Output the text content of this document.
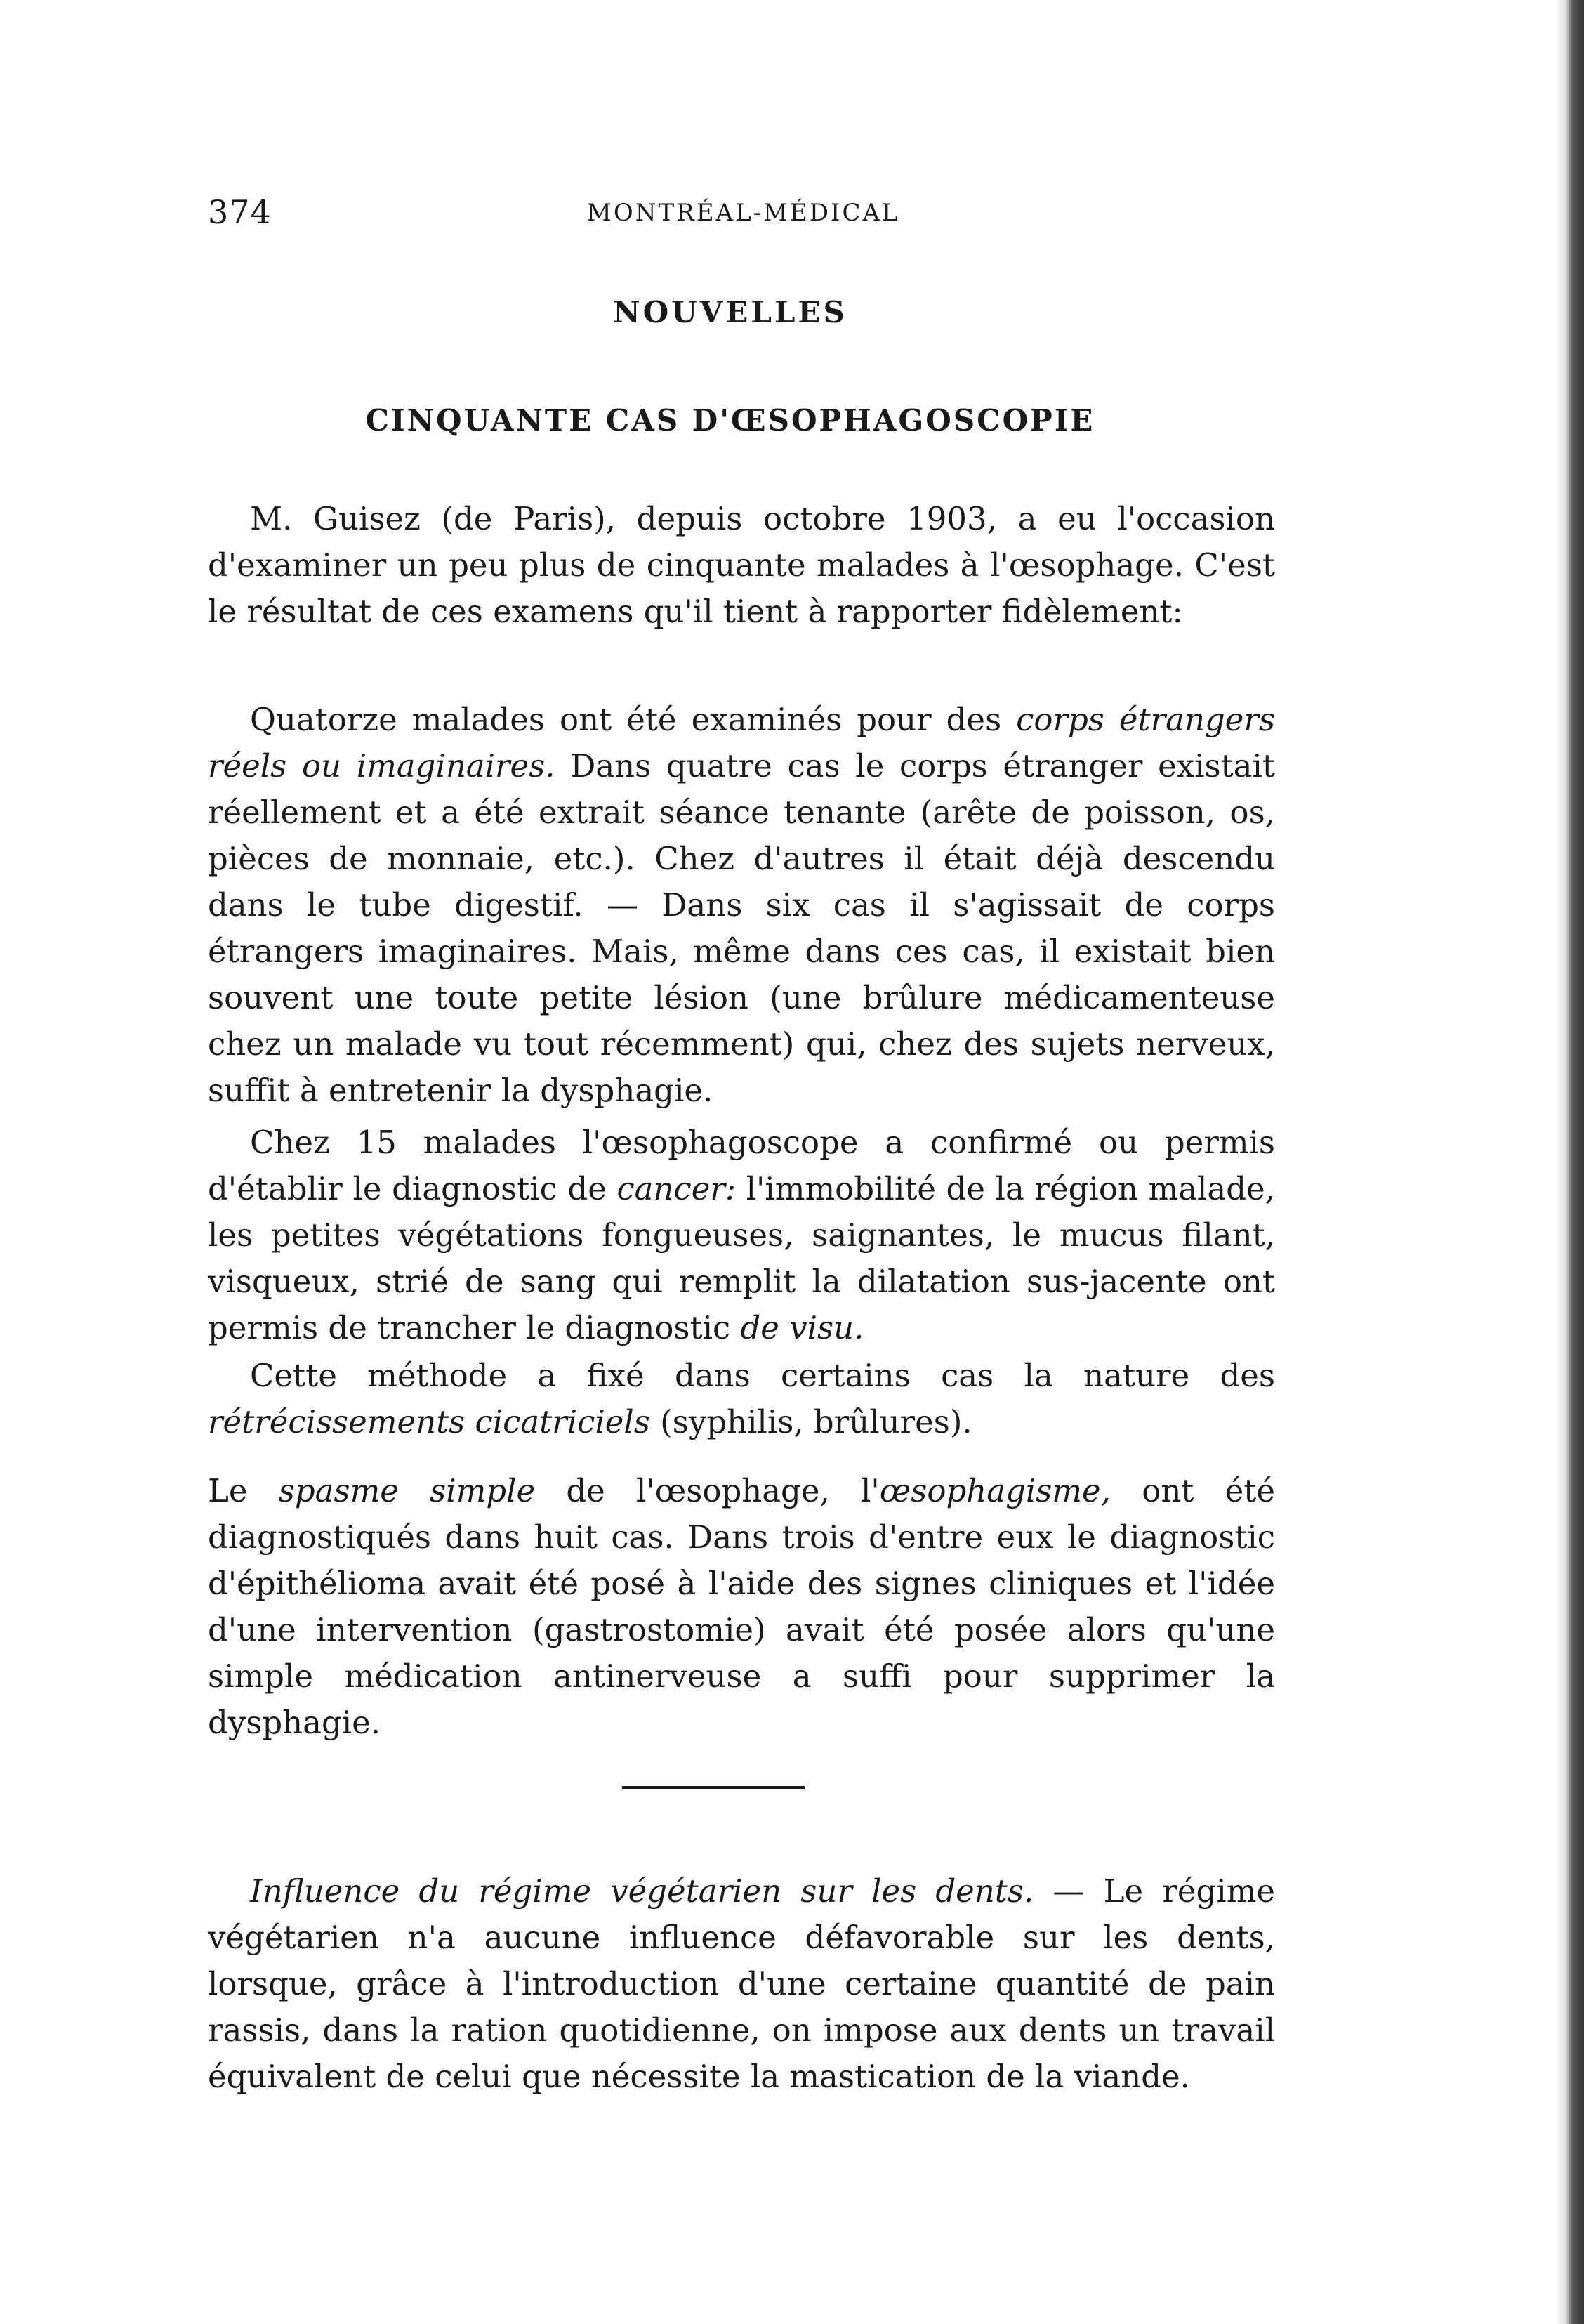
374	MONTRÉAL-MÉDICAL
NOUVELLES
CINQUANTE CAS D'ŒSOPHAGOSCOPIE

M. Guisez (de Paris), depuis octobre 1903, a eu l'occasion d'examiner un peu plus de cinquante malades à l'œsophage. C'est le résultat de ces examens qu'il tient à rapporter fidèlement:

Quatorze malades ont été examinés pour des corps étrangers réels ou imaginaires. Dans quatre cas le corps étranger existait réellement et a été extrait séance tenante (arête de poisson, os, pièces de monnaie, etc.). Chez d'autres il était déjà descendu dans le tube digestif. — Dans six cas il s'agissait de corps étrangers imaginaires. Mais, même dans ces cas, il existait bien souvent une toute petite lésion (une brûlure médicamenteuse chez un malade vu tout récemment) qui, chez des sujets nerveux, suffit à entretenir la dysphagie.

Chez 15 malades l'œsophagoscope a confirmé ou permis d'établir le diagnostic de cancer: l'immobilité de la région malade, les petites végétations fongueuses, saignantes, le mucus filant, visqueux, strié de sang qui remplit la dilatation sus-jacente ont permis de trancher le diagnostic de visu.

Cette méthode a fixé dans certains cas la nature des rétrécissements cicatriciels (syphilis, brûlures).

Le spasme simple de l'œsophage, l'œsophagisme, ont été diagnostiqués dans huit cas. Dans trois d'entre eux le diagnostic d'épithélioma avait été posé à l'aide des signes cliniques et l'idée d'une intervention (gastrostomie) avait été posée alors qu'une simple médication antinerveuse a suffi pour supprimer la dysphagie.

Influence du régime végétarien sur les dents. — Le régime végétarien n'a aucune influence défavorable sur les dents, lorsque, grâce à l'introduction d'une certaine quantité de pain rassis, dans la ration quotidienne, on impose aux dents un travail équivalent de celui que nécessite la mastication de la viande.
